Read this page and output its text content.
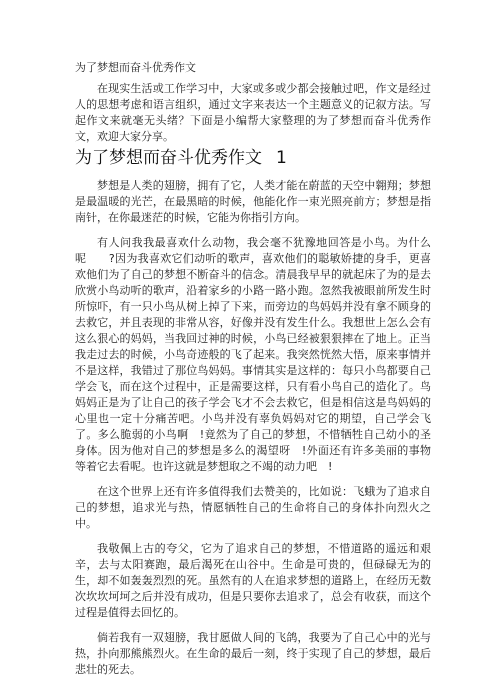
为了梦想而奋斗优秀作文

在现实生活或工作学习中，大家或多或少都会接触过吧，作文是经过人的思想考虑和语言组织，通过文字来表达一个主题意义的记叙方法。写起作文来就毫无头绪？下面是小编帮大家整理的为了梦想而奋斗优秀作文，欢迎大家分享。

为了梦想而奋斗优秀作文 1

梦想是人类的翅膀，拥有了它，人类才能在蔚蓝的天空中翱翔；梦想是最温暖的光芒，在最黑暗的时候，他能化作一束光照亮前方；梦想是指南针，在你最迷茫的时候，它能为你指引方向。

有人问我我最喜欢什么动物，我会毫不犹豫地回答是小鸟。为什么呢　　?因为我喜欢它们动听的歌声，喜欢他们的聪敏娇捷的身手，更喜欢他们为了自己的梦想不断奋斗的信念。清晨我早早的就起床了为的是去欣赏小鸟动听的歌声，沿着家乡的小路一路小跑。忽然我被眼前所发生时所惊吓，有一只小鸟从树上掉了下来，而旁边的鸟妈妈并没有拿不顾身的去救它，并且表现的非常从容，好像并没有发生什么。我想世上怎么会有这么狠心的妈妈，当我回过神的时候，小鸟已经被狠狠摔在了地上。正当我走过去的时候，小鸟奇迹般的飞了起来。我突然恍然大悟，原来事情并不是这样，我错过了那位鸟妈妈。事情其实是这样的：每只小鸟都要自己学会飞，而在这个过程中，正是需要这样，只有看小鸟自己的造化了。鸟妈妈正是为了让自己的孩子学会飞才不会去救它，但是相信这是鸟妈妈的心里也一定十分痛苦吧。小鸟并没有辜负妈妈对它的期望，自己学会飞了。多么脆弱的小鸟啊　!竟然为了自己的梦想，不惜牺牲自己幼小的圣身体。因为他对自己的梦想是多么的渴望呀　!外面还有许多美丽的事物等着它去看呢。也许这就是梦想取之不竭的动力吧　!

在这个世界上还有许多值得我们去赞美的，比如说：飞蛾为了追求自己的梦想，追求光与热，情愿牺牲自己的生命将自己的身体扑向烈火之中。

我敬佩上古的夸父，它为了追求自己的梦想，不惜道路的遥远和艰辛，去与太阳赛跑，最后渴死在山谷中。生命是可贵的，但碌碌无为的生，却不如轰轰烈烈的死。虽然有的人在追求梦想的道路上，在经历无数次坎坎坷坷之后并没有成功，但是只要你去追求了，总会有收获，而这个过程是值得去回忆的。

倘若我有一双翅膀，我甘愿做人间的飞鸽，我要为了自己心中的光与热，扑向那熊熊烈火。在生命的最后一刻，终于实现了自己的梦想，最后悲壮的死去。
